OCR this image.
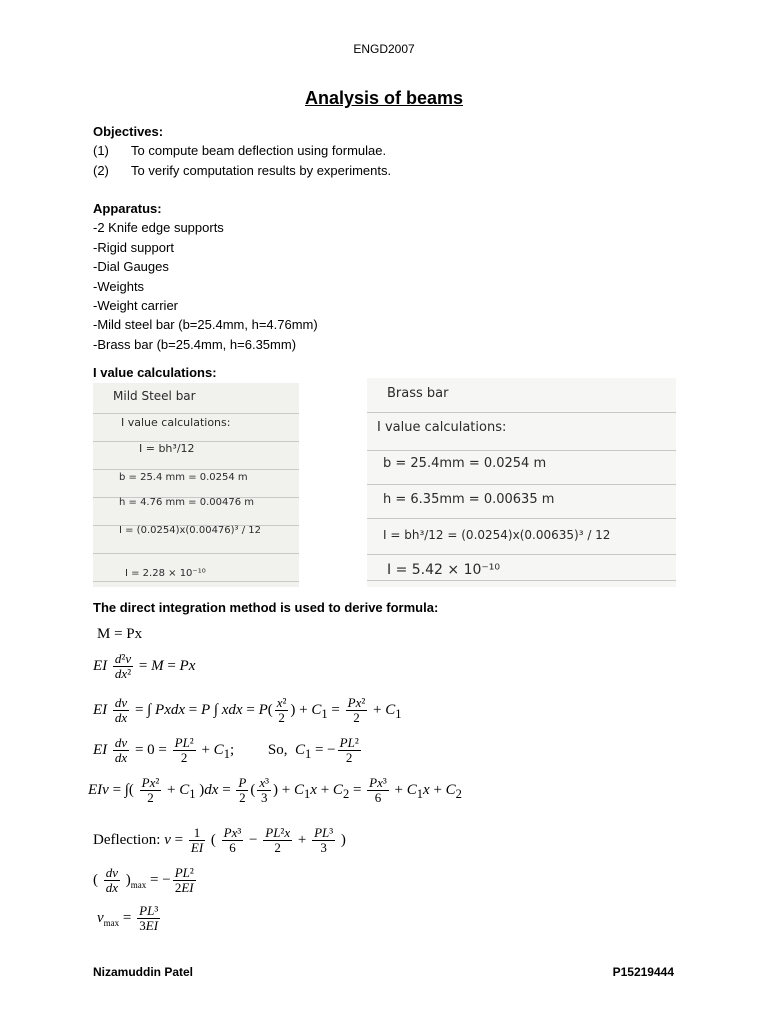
ENGD2007
Analysis of beams
Objectives:
(1)	To compute beam deflection using formulae.
(2)	To verify computation results by experiments.
Apparatus:
-2 Knife edge supports
-Rigid support
-Dial Gauges
-Weights
-Weight carrier
-Mild steel bar (b=25.4mm, h=4.76mm)
-Brass bar (b=25.4mm, h=6.35mm)
I value calculations:
Mild Steel bar
I value calculations:
I = bh³/12
b = 25.4 mm = 0.0254 m
h = 4.76 mm = 0.00476 m
I = (0.0254)x(0.00476)³ / 12
I = 2.28 × 10⁻¹⁰
Brass bar
I value calculations:
b = 25.4mm = 0.0254 m
h = 6.35mm = 0.00635 m
I = bh³/12 = (0.0254)x(0.00635)³ / 12
I = 5.42 × 10⁻¹⁰
The direct integration method is used to derive formula:
M = Px
EI $\frac{\text{d²ν}}{\text{dx²}} = M = Px$
EI $\frac{d\nu}{dx}$ = ∫ Pxdx = P ∫ xdx = $P( \frac{\text{x²}}{2}$ ) + $C_1 = \frac{\text{Px²}}{2} + C_1$
EI $\frac{d\nu}{dx} = 0 = \frac{\text{PL²}}{2} + C_1$;         So,  $C_1$ = − $\frac{\text{PL²}}{2}$
EIν = ∫( $\frac{\text{Px²}}{2} + C_1$ )$dx = \frac{P}{2}$ ( $\frac{\text{x³}}{3}$ ) + $C_1x + C_2 = \frac{\text{Px³}}{6} + C_1x + C_2$
Deflection: $\nu = \frac{1}{EI}$ ( $\frac{\text{Px³}}{6} - \frac{\text{PL²x}}{2} + \frac{\text{PL³}}{3}$ )
( $\frac{d\nu}{dx} )_{max}$ = − $\frac{\text{PL²}}{2EI}$
$\nu_{max} = \frac{\text{PL³}}{3EI}$
Nizamuddin Patel	P15219444
